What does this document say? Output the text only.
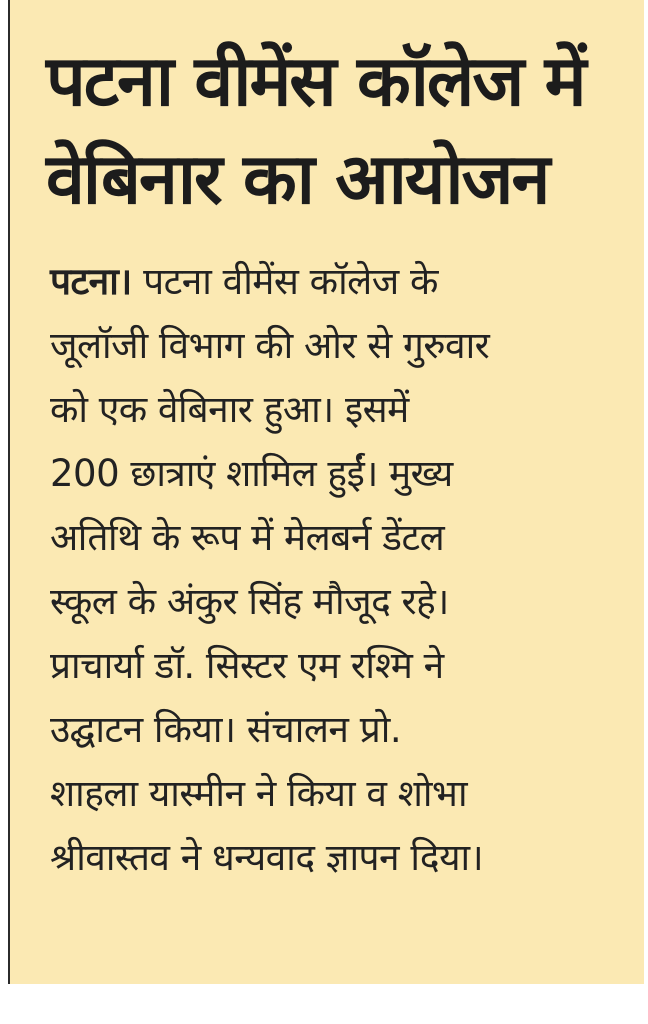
पटना वीमेंस कॉलेज में
वेबिनार का आयोजन
पटना। पटना वीमेंस कॉलेज के
जूलॉजी विभाग की ओर से गुरुवार
को एक वेबिनार हुआ। इसमें
200 छात्राएं शामिल हुईं। मुख्य
अतिथि के रूप में मेलबर्न डेंटल
स्कूल के अंकुर सिंह मौजूद रहे।
प्राचार्या डॉ. सिस्टर एम रश्मि ने
उद्घाटन किया। संचालन प्रो.
शाहला यास्मीन ने किया व शोभा
श्रीवास्तव ने धन्यवाद ज्ञापन दिया।
